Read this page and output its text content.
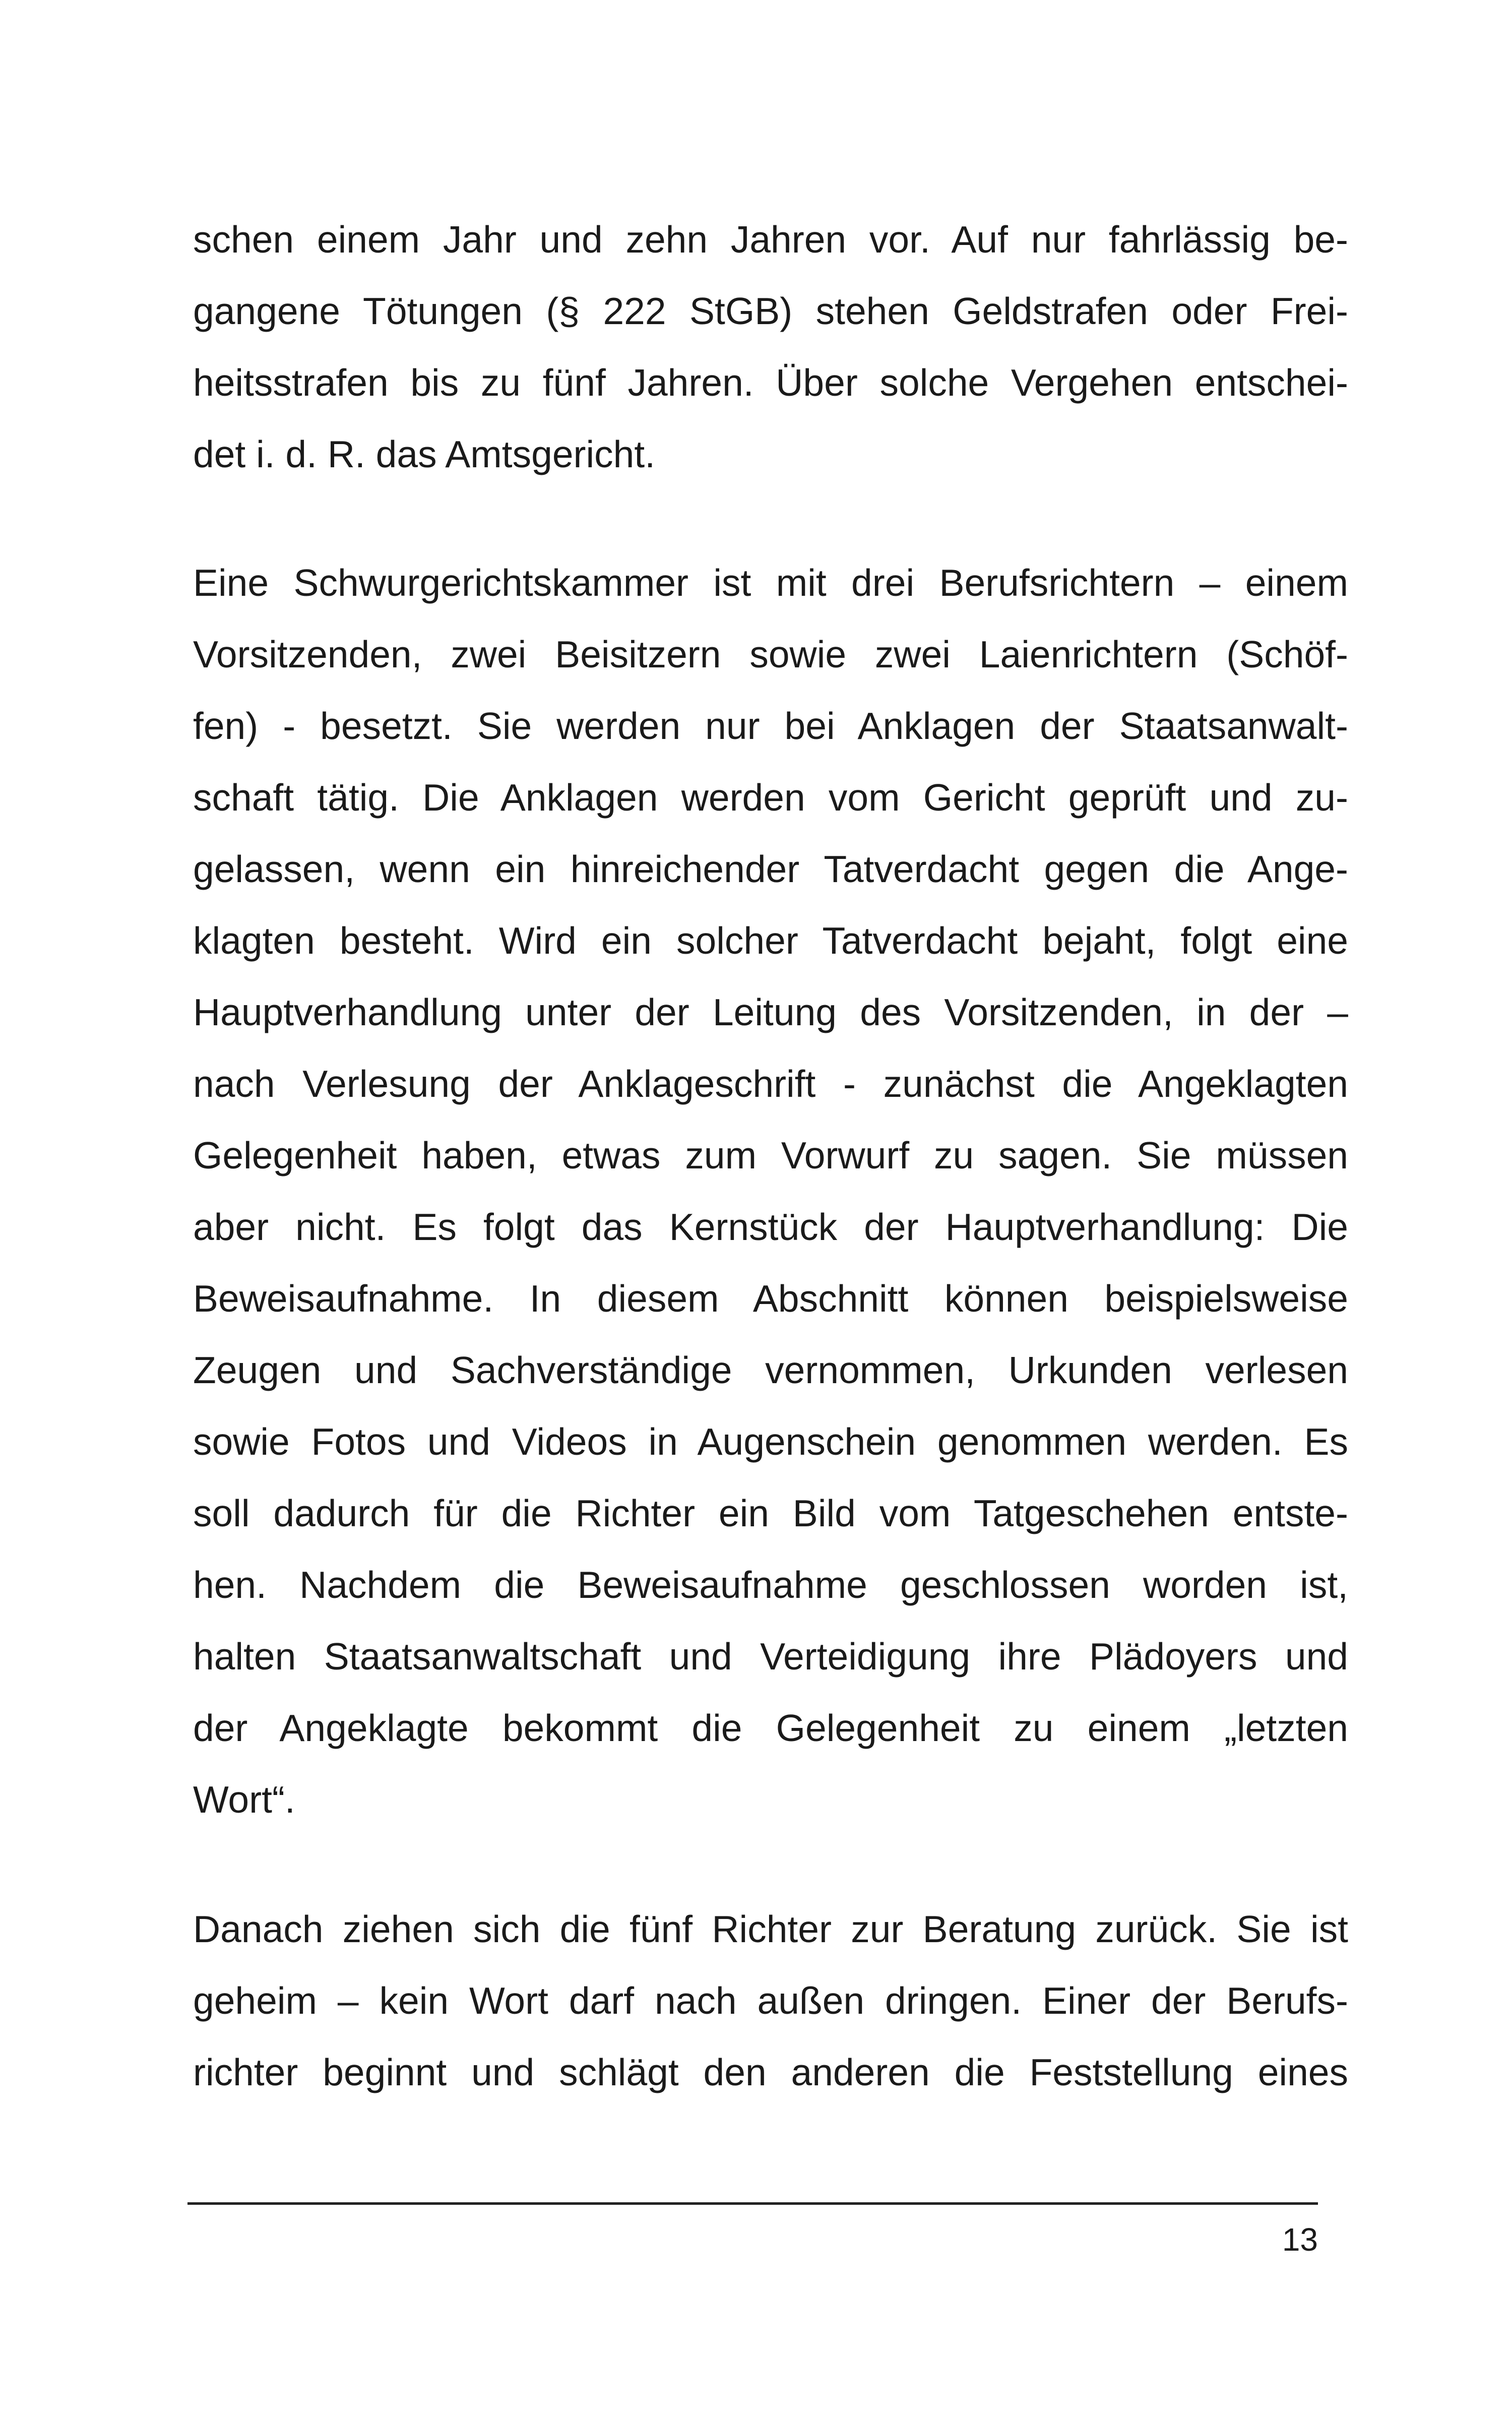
schen einem Jahr und zehn Jahren vor. Auf nur fahrlässig be-
gangene Tötungen (§ 222 StGB) stehen Geldstrafen oder Frei-
heitsstrafen bis zu fünf Jahren. Über solche Vergehen entschei-
det i. d. R. das Amtsgericht.
Eine Schwurgerichtskammer ist mit drei Berufsrichtern – einem
Vorsitzenden, zwei Beisitzern sowie zwei Laienrichtern (Schöf-
fen) - besetzt. Sie werden nur bei Anklagen der Staatsanwalt-
schaft tätig. Die Anklagen werden vom Gericht geprüft und zu-
gelassen, wenn ein hinreichender Tatverdacht gegen die Ange-
klagten besteht. Wird ein solcher Tatverdacht bejaht, folgt eine
Hauptverhandlung unter der Leitung des Vorsitzenden, in der –
nach Verlesung der Anklageschrift - zunächst die Angeklagten
Gelegenheit haben, etwas zum Vorwurf zu sagen. Sie müssen
aber nicht. Es folgt das Kernstück der Hauptverhandlung: Die
Beweisaufnahme. In diesem Abschnitt können beispielsweise
Zeugen und Sachverständige vernommen, Urkunden verlesen
sowie Fotos und Videos in Augenschein genommen werden. Es
soll dadurch für die Richter ein Bild vom Tatgeschehen entste-
hen. Nachdem die Beweisaufnahme geschlossen worden ist,
halten Staatsanwaltschaft und Verteidigung ihre Plädoyers und
der Angeklagte bekommt die Gelegenheit zu einem „letzten
Wort“.
Danach ziehen sich die fünf Richter zur Beratung zurück. Sie ist
geheim – kein Wort darf nach außen dringen. Einer der Berufs-
richter beginnt und schlägt den anderen die Feststellung eines
13
